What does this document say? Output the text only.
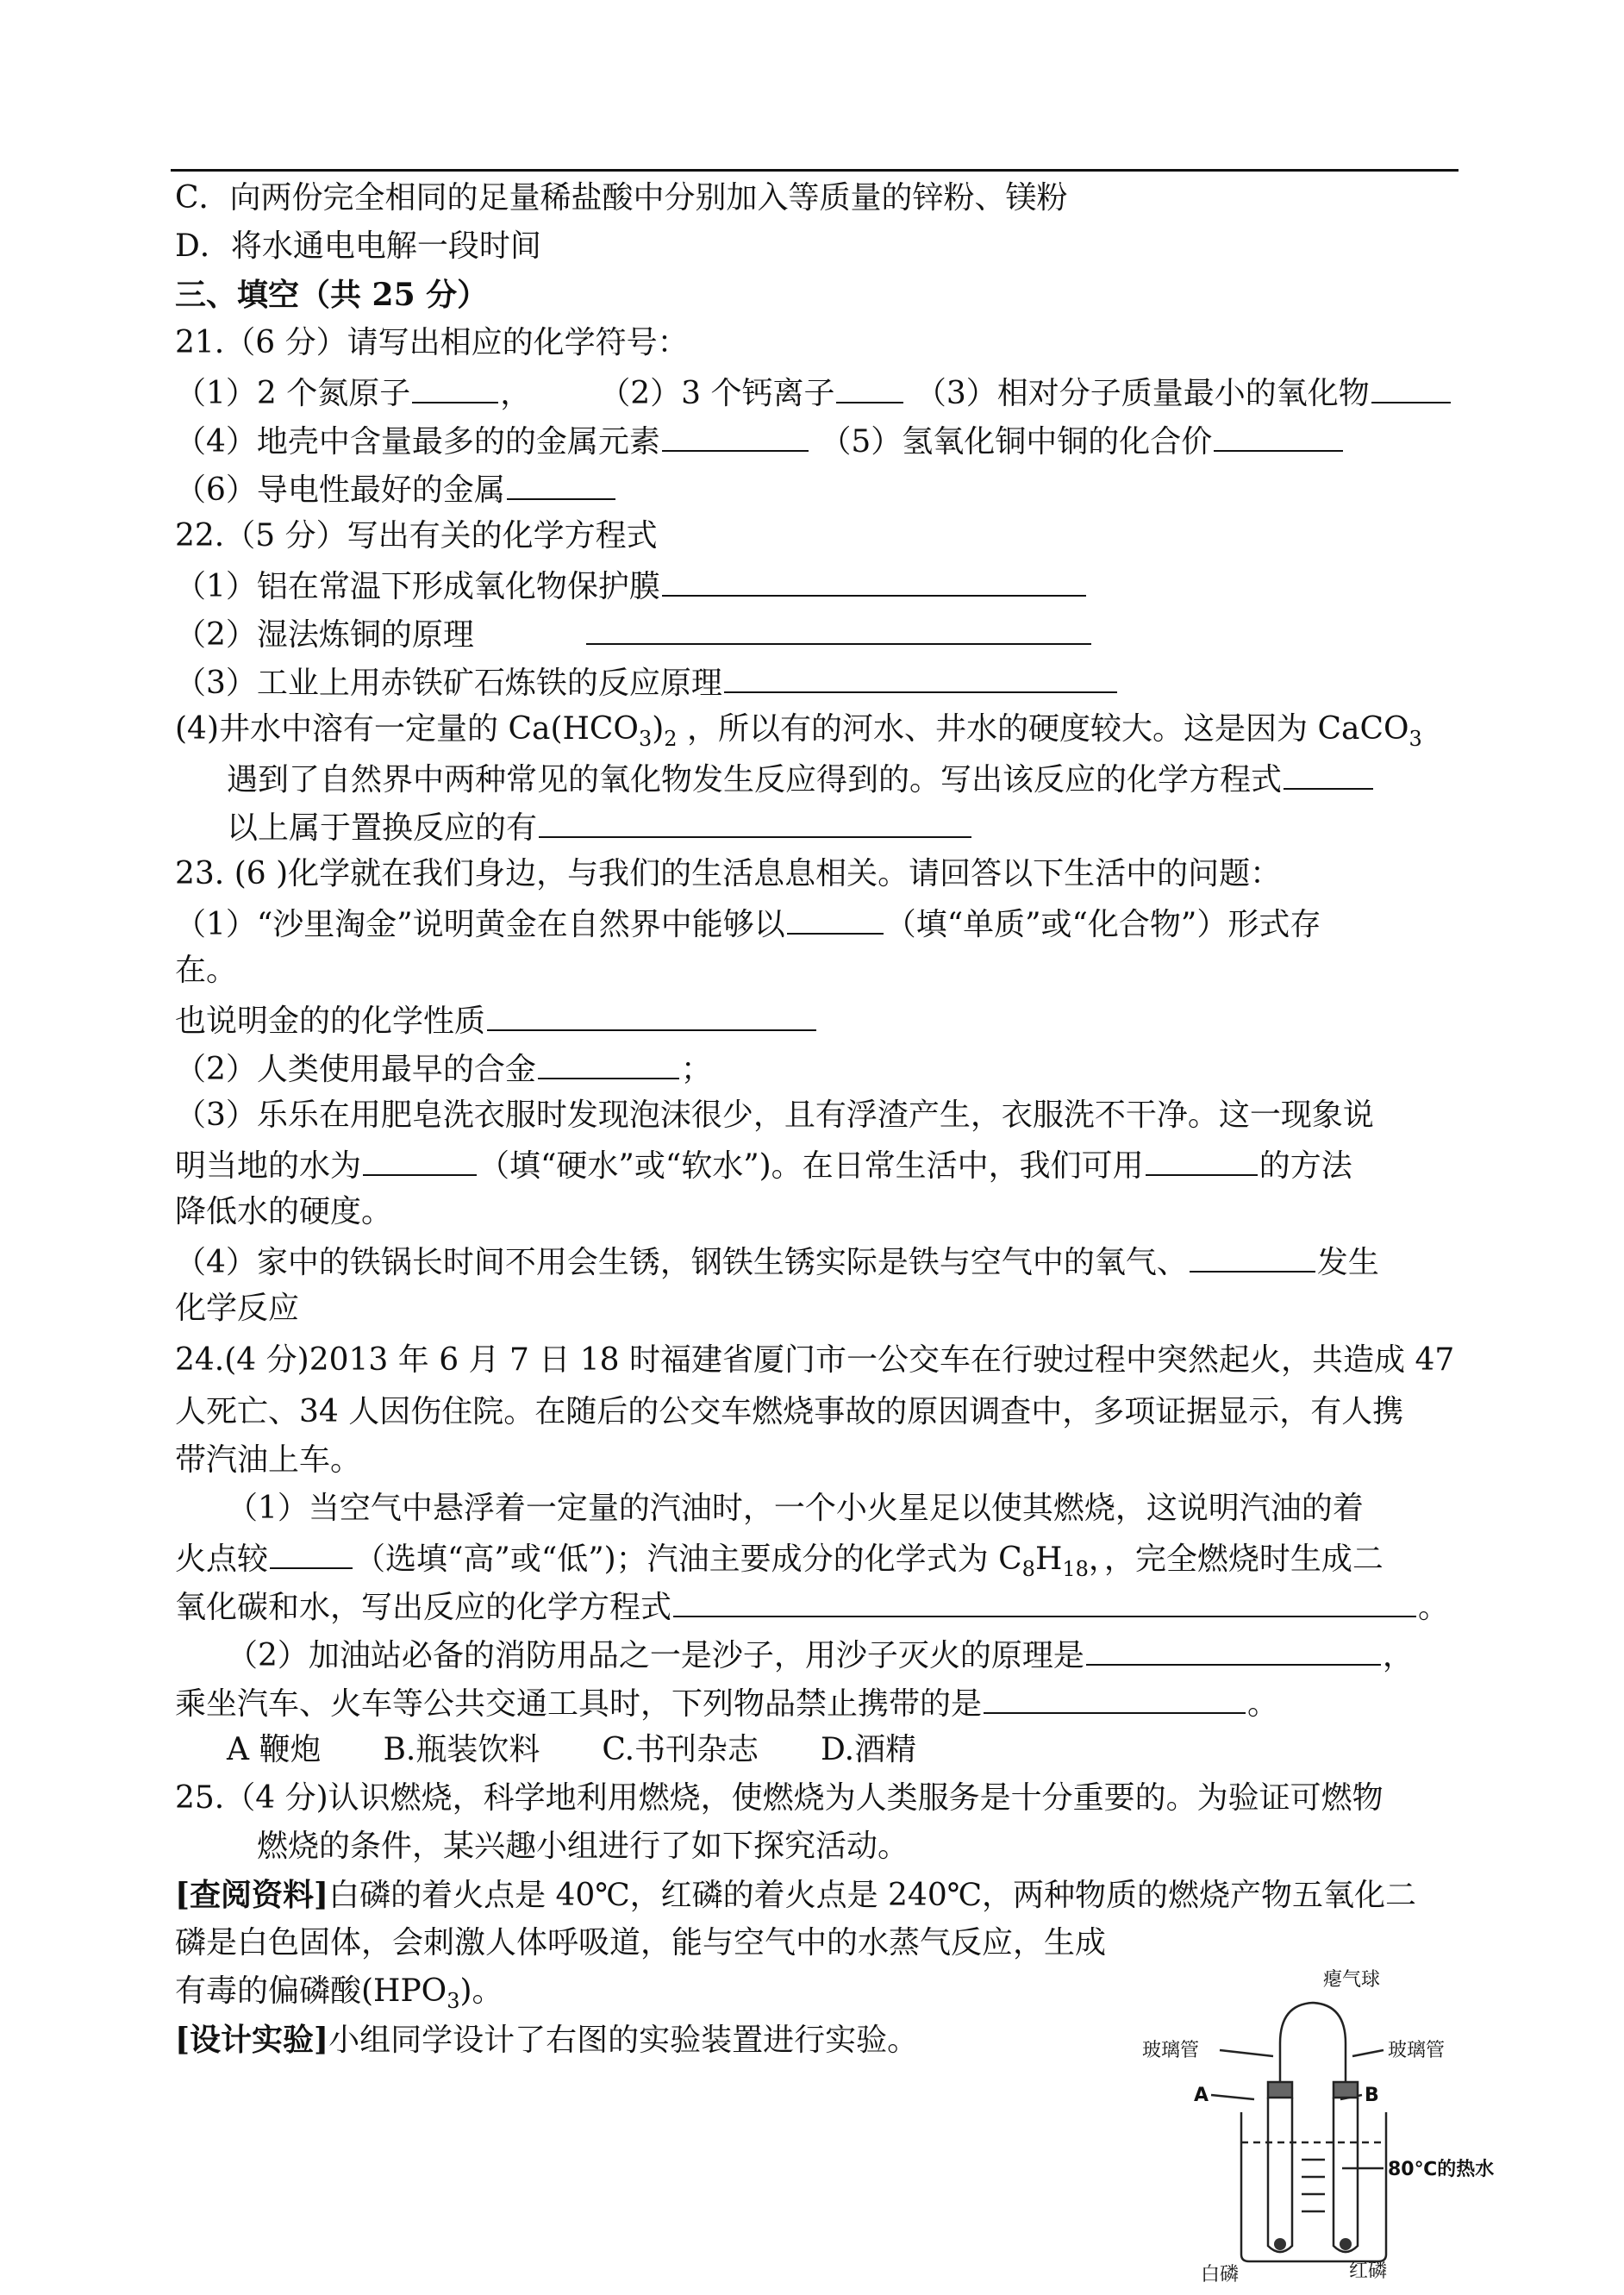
C．向两份完全相同的足量稀盐酸中分别加入等质量的锌粉、镁粉
D．将水通电电解一段时间
三、填空（共 25 分）
21.（6 分）请写出相应的化学符号：
（1）2 个氮原子	， （2）3 个钙离子	（3）相对分子质量最小的氧化物
（4）地壳中含量最多的的金属元素	（5）氢氧化铜中铜的化合价
（6）导电性最好的金属
22.（5 分）写出有关的化学方程式
（1）铝在常温下形成氧化物保护膜
（2）湿法炼铜的原理
（3）工业上用赤铁矿石炼铁的反应原理
(4)井水中溶有一定量的 $Ca(HCO_3)_2$ ，所以有的河水、井水的硬度较大。这是因为 CaCO$_3$
遇到了自然界中两种常见的氧化物发生反应得到的。写出该反应的化学方程式
以上属于置换反应的有
23. (6 )化学就在我们身边，与我们的生活息息相关。请回答以下生活中的问题：
（1）“沙里淘金”说明黄金在自然界中能够以	（填“单质”或“化合物”）形式存
在。
也说明金的的化学性质
（2）人类使用最早的合金	；
（3）乐乐在用肥皂洗衣服时发现泡沫很少，且有浮渣产生，衣服洗不干净。这一现象说
明当地的水为	（填“硬水”或“软水”)。在日常生活中，我们可用	的方法
降低水的硬度。
（4）家中的铁锅长时间不用会生锈，钢铁生锈实际是铁与空气中的氧气、	发生
化学反应
24.(4 分)2013 年 6 月 7 日 18 时福建省厦门市一公交车在行驶过程中突然起火，共造成 47
人死亡、34 人因伤住院。在随后的公交车燃烧事故的原因调查中，多项证据显示，有人携
带汽油上车。
（1）当空气中悬浮着一定量的汽油时，一个小火星足以使其燃烧，这说明汽油的着
火点较	（选填“高”或“低”)；汽油主要成分的化学式为 $C_8H_{18}$，，完全燃烧时生成二
氧化碳和水，写出反应的化学方程式	。
（2）加油站必备的消防用品之一是沙子，用沙子灭火的原理是	，
乘坐汽车、火车等公共交通工具时，下列物品禁止携带的是	。
A 鞭炮　　B.瓶装饮料　　C.书刊杂志　　D.酒精
25.（4 分)认识燃烧，科学地利用燃烧，使燃烧为人类服务是十分重要的。为验证可燃物
燃烧的条件，某兴趣小组进行了如下探究活动。
[查阅资料]白磷的着火点是 40℃，红磷的着火点是 240℃，两种物质的燃烧产物五氧化二
磷是白色固体，会刺激人体呼吸道，能与空气中的水蒸气反应，生成
有毒的偏磷酸$(HPO_3)$。
[设计实验]小组同学设计了右图的实验装置进行实验。
瘪气球
玻璃管	玻璃管
A	B
80℃的热水
白磷	红磷
